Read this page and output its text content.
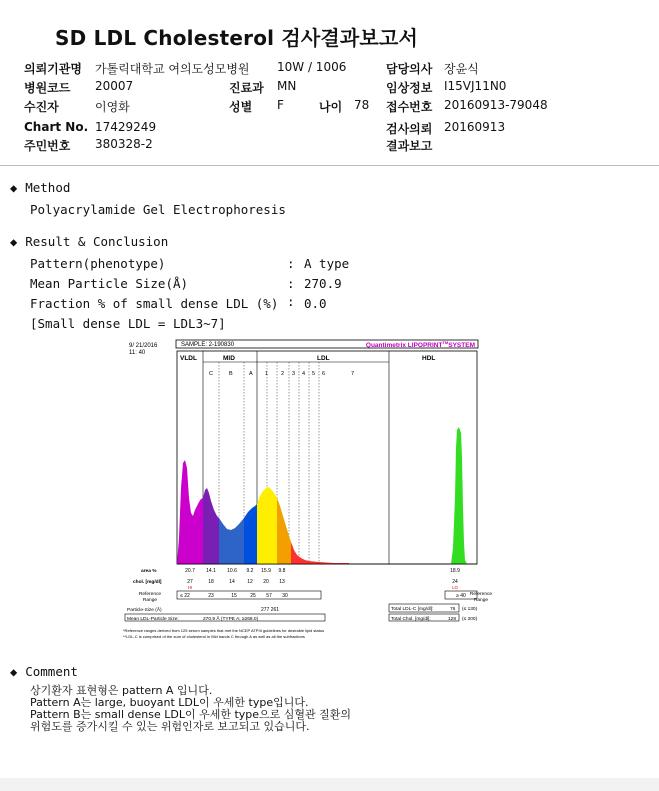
SD LDL Cholesterol 검사결과보고서
의뢰기관명 가톨릭대학교 여의도성모병원 10W / 1006	담당의사 장윤식
병원코드 20007	진료과 MN	임상정보 I15VJ11N0
수진자	이영화	성별 F	나이 78 접수번호 20160913-79048
Chart No. 17429249	검사의뢰 20160913
주민번호 380328-2	결과보고
◆ Method
Polyacrylamide Gel Electrophoresis
◆ Result & Conclusion
Pattern(phenotype)	: A type
Mean Particle Size(Å)	: 270.9
Fraction % of small dense LDL (%) : 0.0
[Small dense LDL = LDL3~7]
9/ 21/2016
11: 40
SAMPLE: 2-190830	Quantimetrix LIPOPRINT™SYSTEM
VLDL	MID	LDL	HDL
C	B	A 1 2 3 4 5 6	7
area %	20.7 14.1 10.6 9.2 15.9 9.8	18.9
chol. [mg/dl]	27	18	14 12 20 13	24
HI	LO
Reference
Range
≤ 22	23	15	25 57 30	≥ 40 Reference
Range
Particle-Size (Å)	277 261
Mean LDL-Particle Size:	270.9 Å (TYPE A; ≥268.0)
Total LDL-C [mg/dl]:	76 (≤ 130)
Total Chol. [mg/dl]:	128 (≤ 200)
*Reference ranges derived from 125 serum samples that met the NCEP ATPIII guidelines for desirable lipid status
**LDL-C is comprised of the sum of cholesterol in Mid bands C through A as well as all the subfractions
◆ Comment
상기환자 표현형은 pattern A 입니다.
Pattern A는 large, buoyant LDL이 우세한 type입니다.
Pattern B는 small dense LDL이 우세한 type으로 심혈관 질환의
위험도를 증가시킬 수 있는 위험인자로 보고되고 있습니다.
